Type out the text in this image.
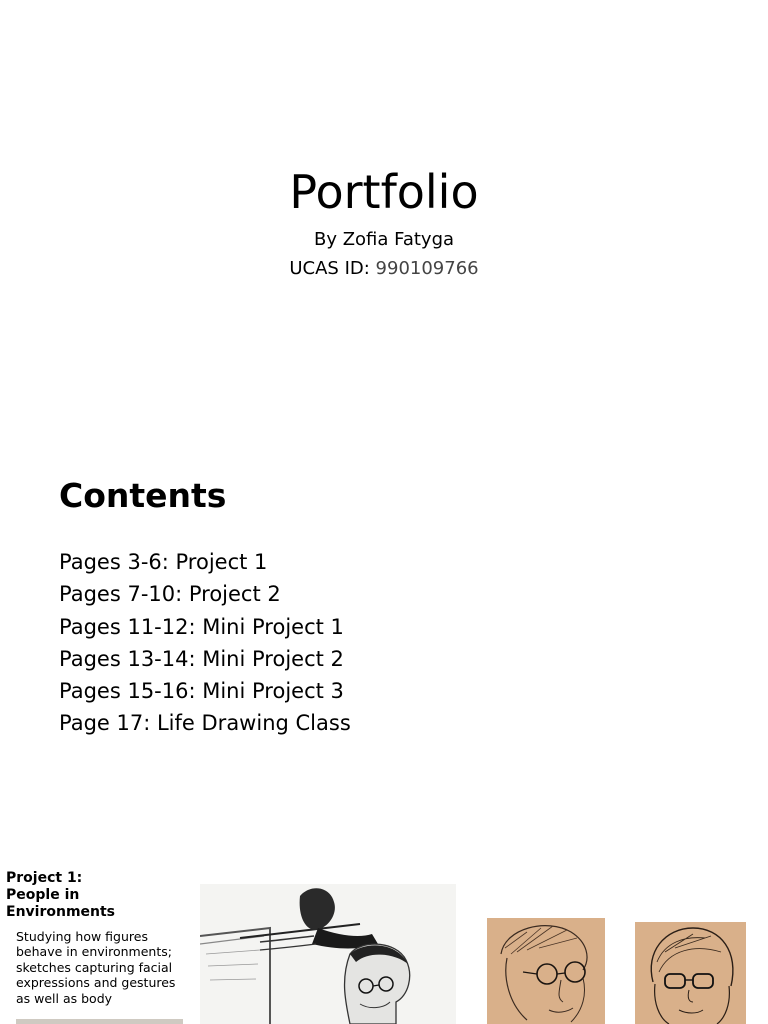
Portfolio
By Zofia Fatyga
UCAS ID: 990109766
Contents
Pages 3-6: Project 1
Pages 7-10: Project 2
Pages 11-12: Mini Project 1
Pages 13-14: Mini Project 2
Pages 15-16: Mini Project 3
Page 17: Life Drawing Class
Project 1:
People in
Environments
Studying how figures behave in environments; sketches capturing facial expressions and gestures as well as body
